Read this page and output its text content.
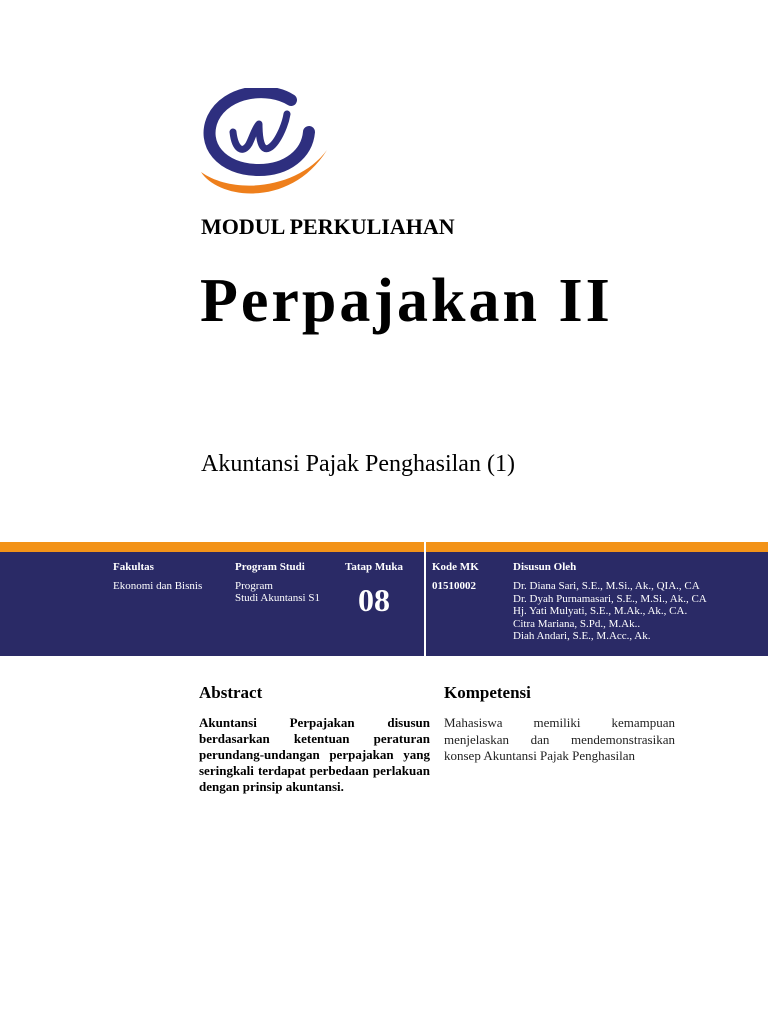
MODUL PERKULIAHAN
Perpajakan II
Akuntansi Pajak Penghasilan (1)
Fakultas
Ekonomi dan Bisnis
Program Studi
Program
Studi Akuntansi S1
Tatap Muka
08
Kode MK
01510002
Disusun Oleh
Dr. Diana Sari, S.E., M.Si., Ak., QIA., CA
Dr. Dyah Purnamasari, S.E., M.Si., Ak., CA
Hj. Yati Mulyati, S.E., M.Ak., Ak., CA.
Citra Mariana, S.Pd., M.Ak..
Diah Andari, S.E., M.Acc., Ak.
Abstract
Akuntansi Perpajakan disusun berdasarkan ketentuan peraturan perundang-undangan perpajakan yang seringkali terdapat perbedaan perlakuan dengan prinsip akuntansi.
Kompetensi
Mahasiswa memiliki kemampuan menjelaskan dan mendemonstrasikan konsep Akuntansi Pajak Penghasilan
